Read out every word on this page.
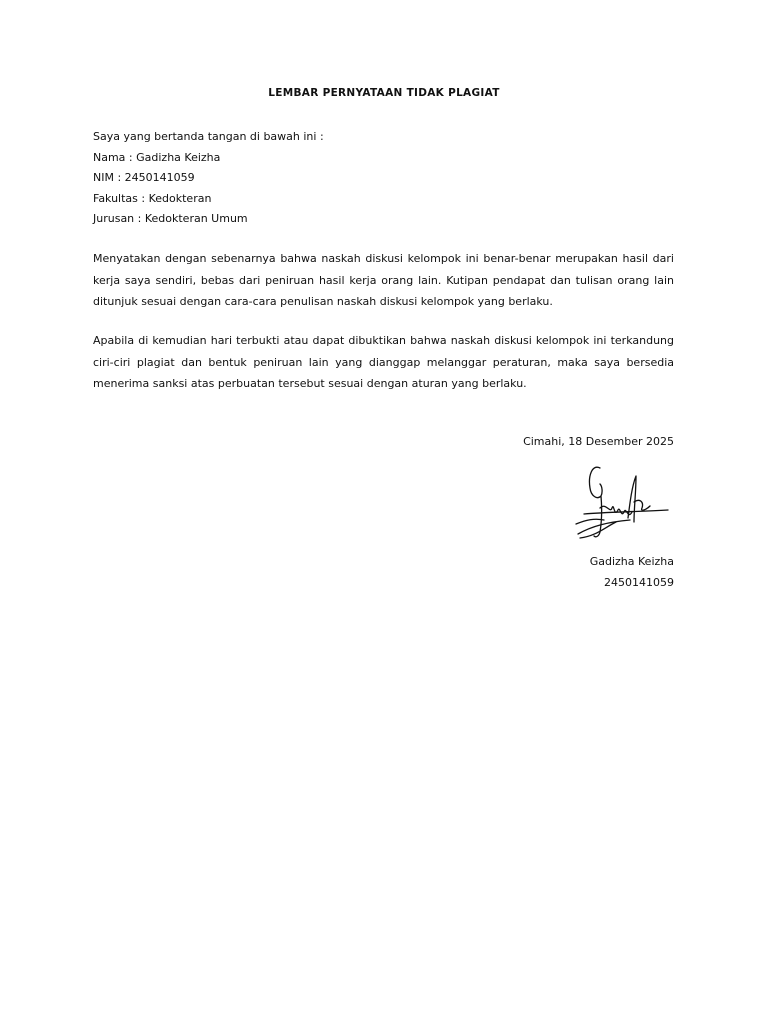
LEMBAR PERNYATAAN TIDAK PLAGIAT
Saya yang bertanda tangan di bawah ini :
Nama : Gadizha Keizha
NIM : 2450141059
Fakultas : Kedokteran
Jurusan : Kedokteran Umum

Menyatakan dengan sebenarnya bahwa naskah diskusi kelompok ini benar-benar merupakan hasil dari kerja saya sendiri, bebas dari peniruan hasil kerja orang lain. Kutipan pendapat dan tulisan orang lain ditunjuk sesuai dengan cara-cara penulisan naskah diskusi kelompok yang berlaku.

Apabila di kemudian hari terbukti atau dapat dibuktikan bahwa naskah diskusi kelompok ini terkandung ciri-ciri plagiat dan bentuk peniruan lain yang dianggap melanggar peraturan, maka saya bersedia menerima sanksi atas perbuatan tersebut sesuai dengan aturan yang berlaku.

Cimahi, 18 Desember 2025
Gadizha Keizha
2450141059
